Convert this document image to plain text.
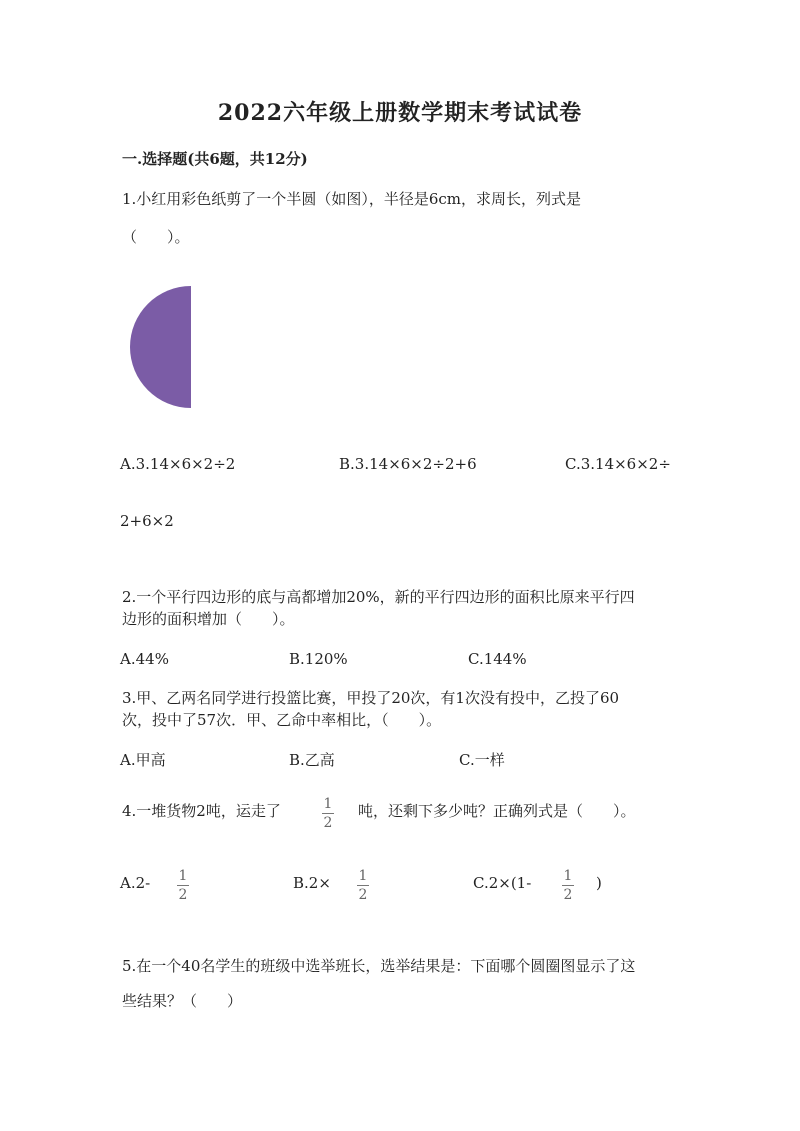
2022六年级上册数学期末考试试卷
一.选择题(共6题，共12分)
1.小红用彩色纸剪了一个半圆（如图），半径是6cm，求周长，列式是
（　　）。
A.3.14×6×2÷2	B.3.14×6×2÷2+6	C.3.14×6×2÷
2+6×2
2.一个平行四边形的底与高都增加20%，新的平行四边形的面积比原来平行四
边形的面积增加（　　）。
A.44%	B.120%	C.144%
3.甲、乙两名同学进行投篮比赛，甲投了20次，有1次没有投中，乙投了60
次，投中了57次．甲、乙命中率相比，（　　）。
A.甲高	B.乙高	C.一样
4.一堆货物2吨，运走了	1
2
吨，还剩下多少吨？正确列式是（　　）。
A.2- 1
2
B.2× 1
2
C.2×(1- 1
2
)
5.在一个40名学生的班级中选举班长，选举结果是：下面哪个圆圈图显示了这
些结果？（　　）
